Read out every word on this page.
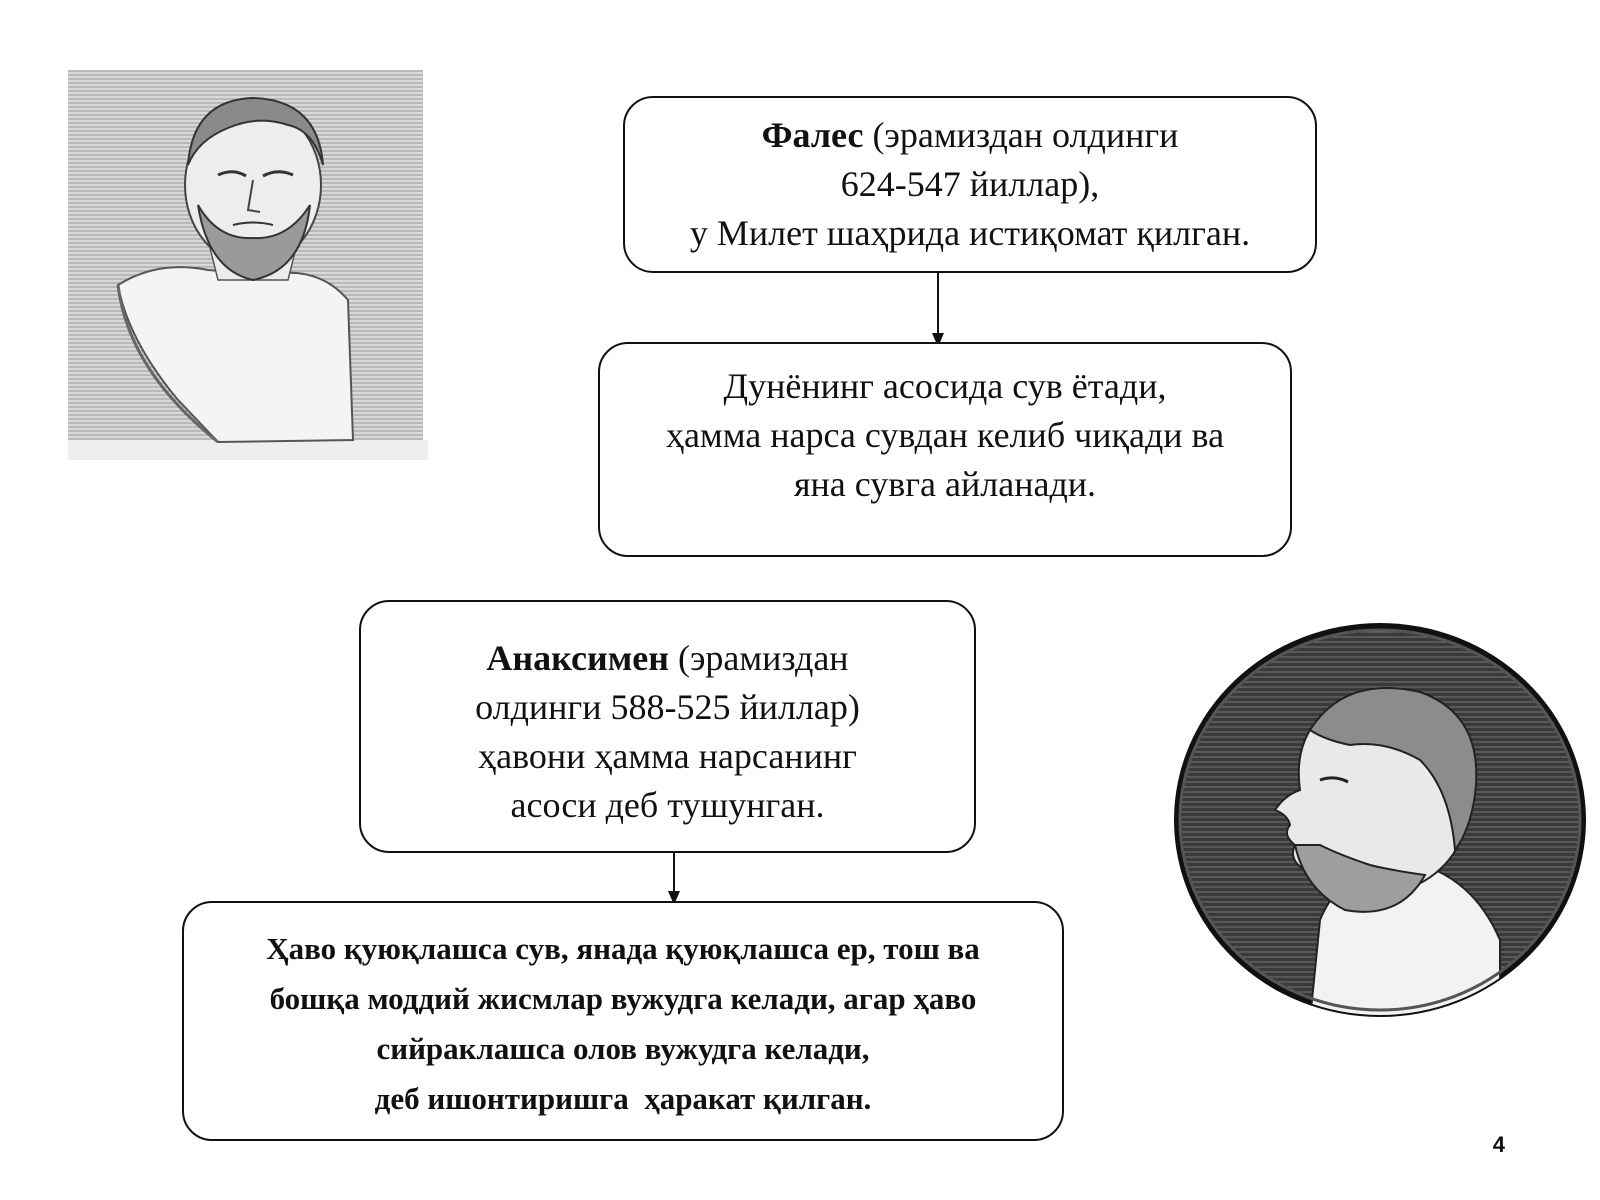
Фалес (эрамиздан олдинги
624-547 йиллар),
у Милет шаҳрида истиқомат қилган.
Дунёнинг асосида сув ётади,
ҳамма нарса сувдан келиб чиқади ва
яна сувга айланади.
Анаксимен (эрамиздан
олдинги 588-525 йиллар)
ҳавони ҳамма нарсанинг
асоси деб тушунган.
Ҳаво қуюқлашса сув, янада қуюқлашса ер, тош ва
бошқа моддий жисмлар вужудга келади, агар ҳаво
сийраклашса олов вужудга келади,
деб ишонтиришга  ҳаракат қилган.
4
